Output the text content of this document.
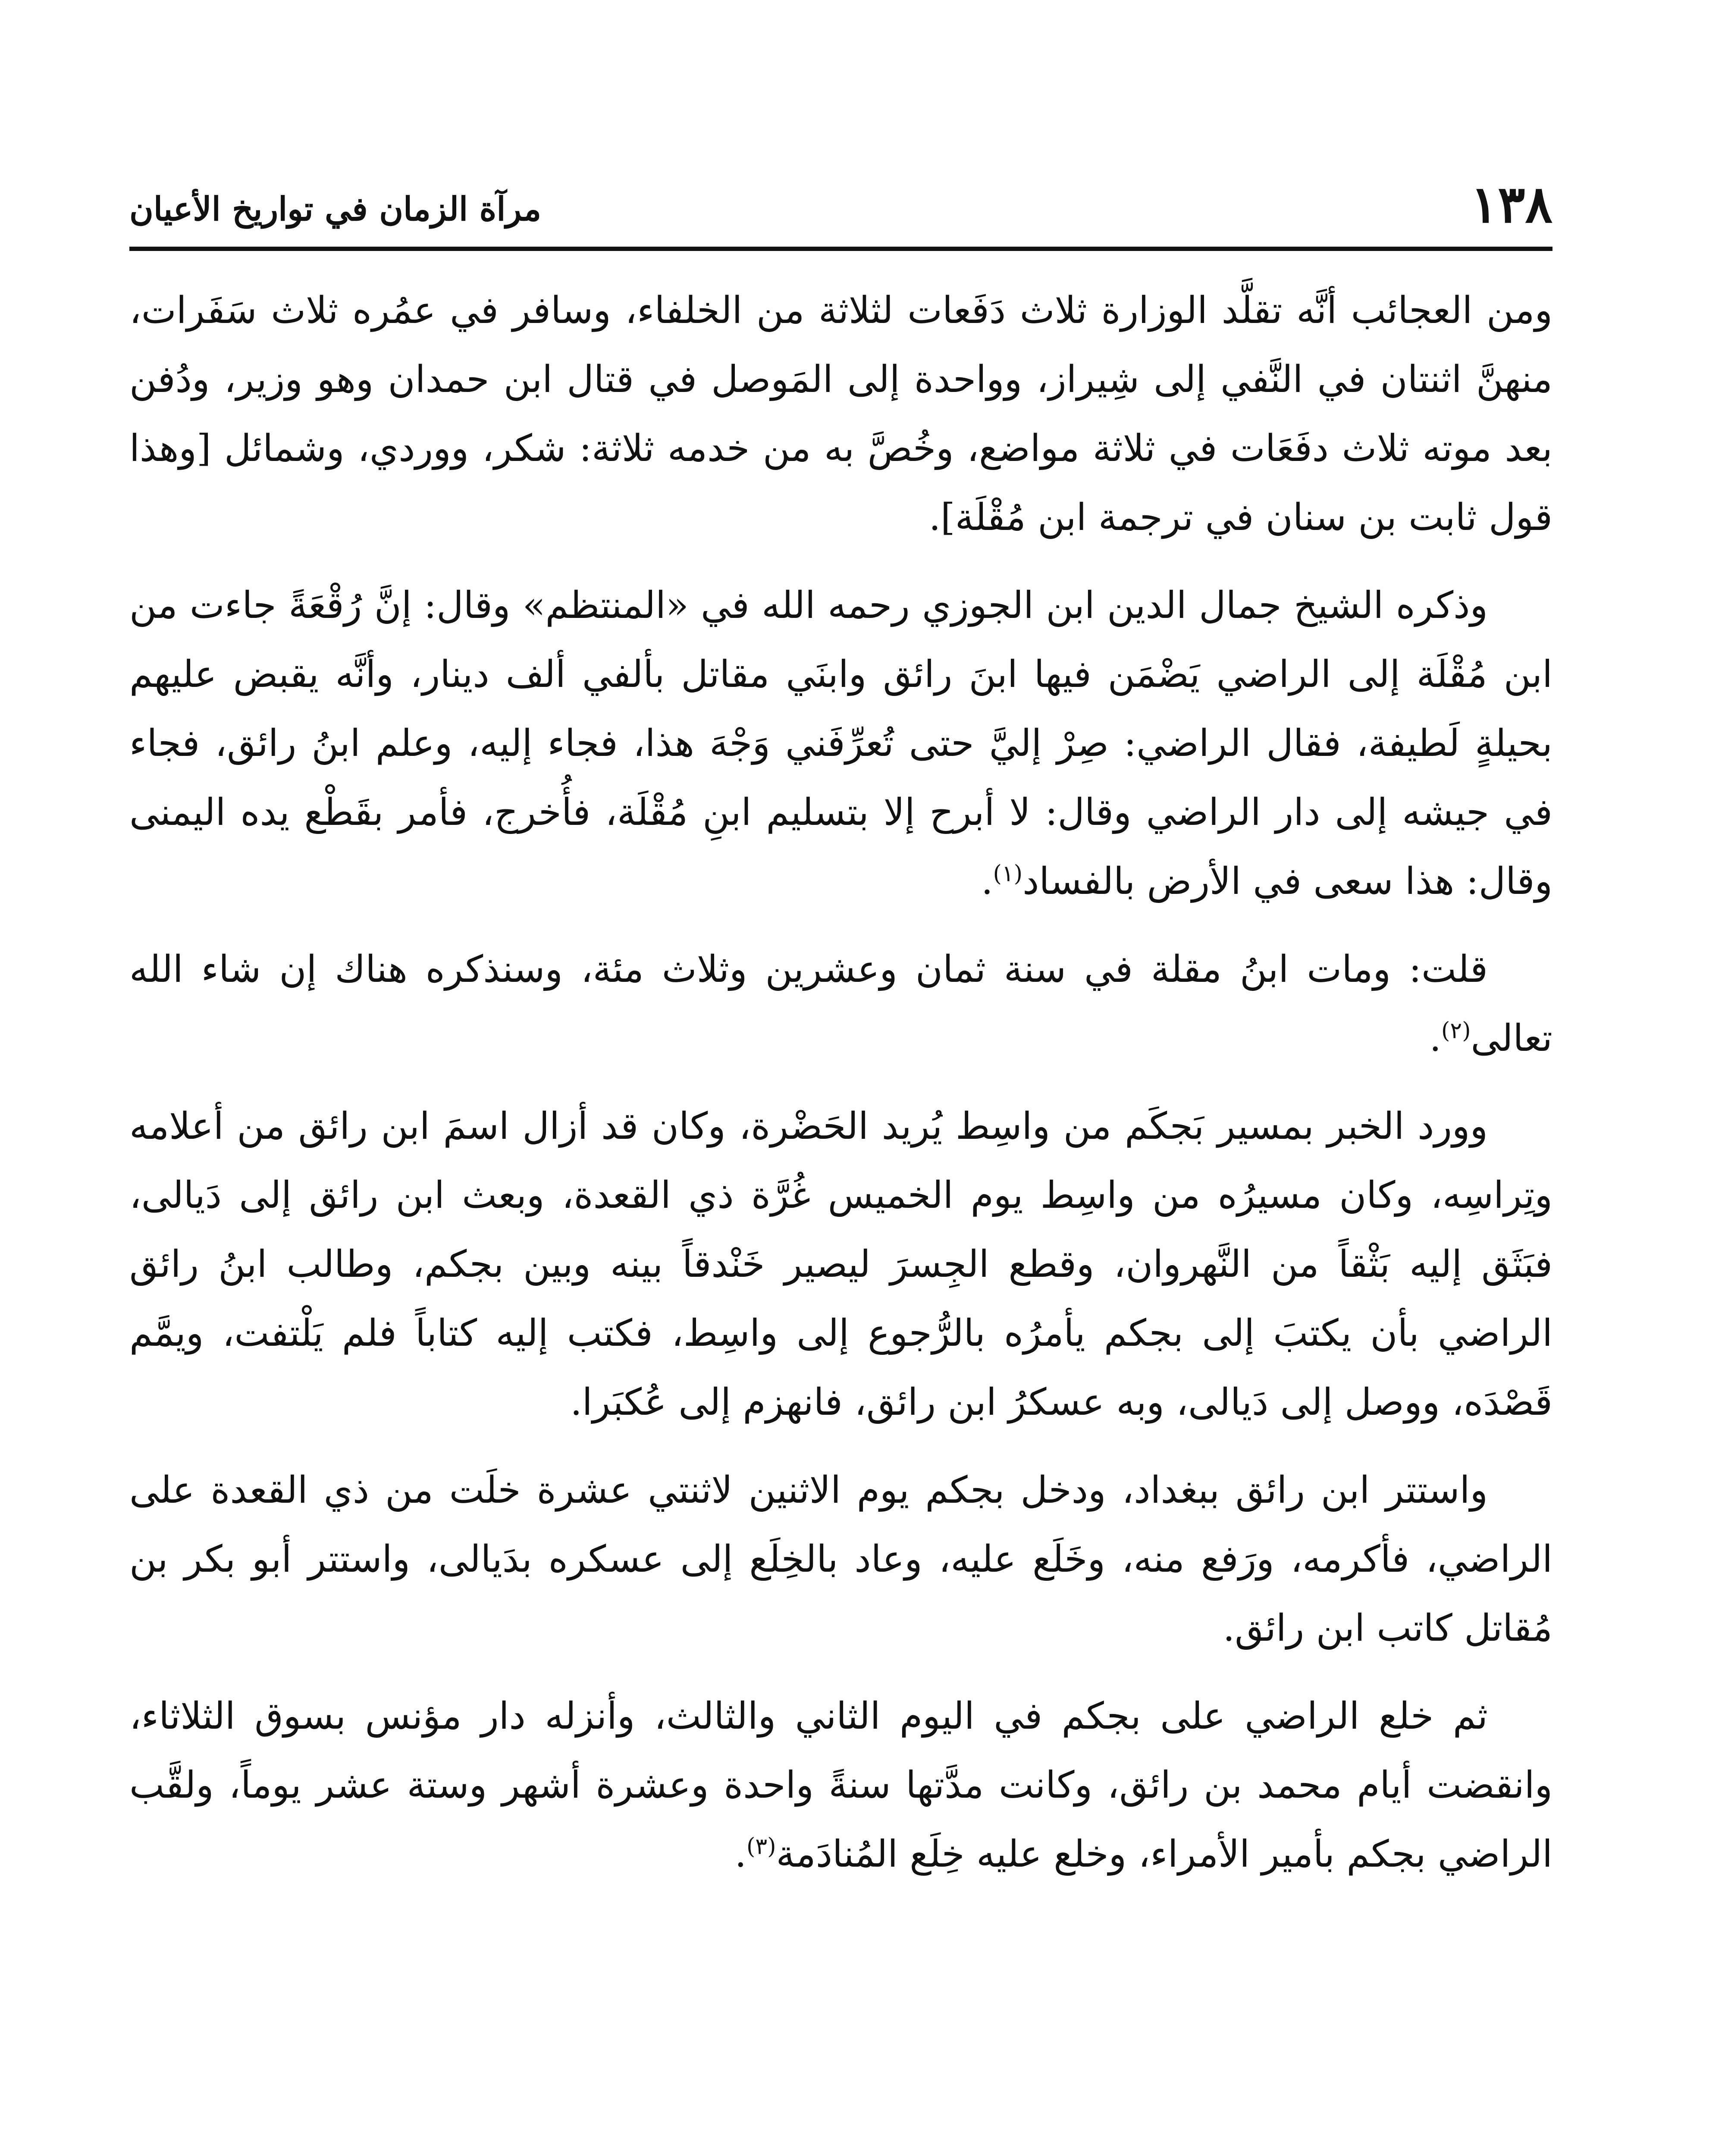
١٣٨
مرآة الزمان في تواريخ الأعيان

ومن العجائب أنَّه تقلَّد الوزارة ثلاث دَفَعات لثلاثة من الخلفاء، وسافر في عمُره ثلاث سَفَرات، منهنَّ اثنتان في النَّفي إلى شِيراز، وواحدة إلى المَوصل في قتال ابن حمدان وهو وزير، ودُفن بعد موته ثلاث دفَعَات في ثلاثة مواضع، وخُصَّ به من خدمه ثلاثة: شكر، ووردي، وشمائل [وهذا قول ثابت بن سنان في ترجمة ابن مُقْلَة].

وذكره الشيخ جمال الدين ابن الجوزي رحمه الله في «المنتظم» وقال: إنَّ رُقْعَةً جاءت من ابن مُقْلَة إلى الراضي يَضْمَن فيها ابنَ رائق وابنَي مقاتل بألفي ألف دينار، وأنَّه يقبض عليهم بحيلةٍ لَطيفة، فقال الراضي: صِرْ إليَّ حتى تُعرِّفَني وَجْهَ هذا، فجاء إليه، وعلم ابنُ رائق، فجاء في جيشه إلى دار الراضي وقال: لا أبرح إلا بتسليم ابنِ مُقْلَة، فأُخرج، فأمر بقَطْع يده اليمنى وقال: هذا سعى في الأرض بالفساد$^{(١)}$.

قلت: ومات ابنُ مقلة في سنة ثمان وعشرين وثلاث مئة، وسنذكره هناك إن شاء الله تعالى$^{(٢)}$.

وورد الخبر بمسير بَجكَم من واسِط يُريد الحَضْرة، وكان قد أزال اسمَ ابن رائق من أعلامه وتِراسِه، وكان مسيرُه من واسِط يوم الخميس غُرَّة ذي القعدة، وبعث ابن رائق إلى دَيالى، فبَثَق إليه بَثْقاً من النَّهروان، وقطع الجِسرَ ليصير خَنْدقاً بينه وبين بجكم، وطالب ابنُ رائق الراضي بأن يكتبَ إلى بجكم يأمرُه بالرُّجوع إلى واسِط، فكتب إليه كتاباً فلم يَلْتفت، ويمَّم قَصْدَه، ووصل إلى دَيالى، وبه عسكرُ ابن رائق، فانهزم إلى عُكبَرا.

واستتر ابن رائق ببغداد، ودخل بجكم يوم الاثنين لاثنتي عشرة خلَت من ذي القعدة على الراضي، فأكرمه، ورَفع منه، وخَلَع عليه، وعاد بالخِلَع إلى عسكره بدَيالى، واستتر أبو بكر بن مُقاتل كاتب ابن رائق.

ثم خلع الراضي على بجكم في اليوم الثاني والثالث، وأنزله دار مؤنس بسوق الثلاثاء، وانقضت أيام محمد بن رائق، وكانت مدَّتها سنةً واحدة وعشرة أشهر وستة عشر يوماً، ولقَّب الراضي بجكم بأمير الأمراء، وخلع عليه خِلَع المُنادَمة$^{(٣)}$.
